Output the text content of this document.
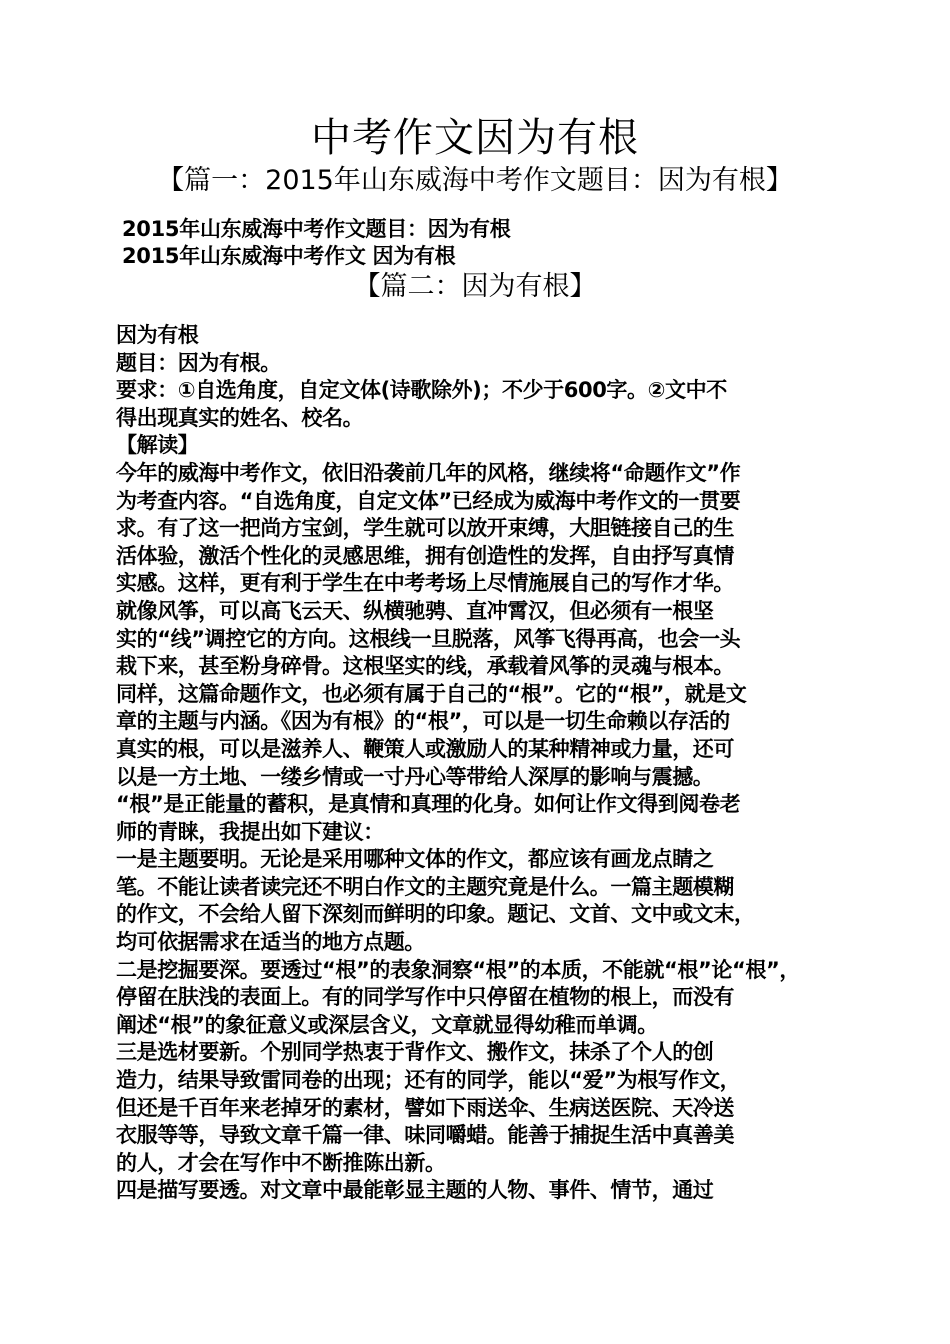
中考作文因为有根
【篇一：2015年山东威海中考作文题目：因为有根】
2015年山东威海中考作文题目：因为有根
2015年山东威海中考作文 因为有根
【篇二：因为有根】
因为有根
题目：因为有根。
要求：①自选角度，自定文体(诗歌除外)；不少于600字。②文中不
得出现真实的姓名、校名。
【解读】
今年的威海中考作文，依旧沿袭前几年的风格，继续将“命题作文”作
为考查内容。“自选角度，自定文体”已经成为威海中考作文的一贯要
求。有了这一把尚方宝剑，学生就可以放开束缚，大胆链接自己的生
活体验，激活个性化的灵感思维，拥有创造性的发挥，自由抒写真情
实感。这样，更有利于学生在中考考场上尽情施展自己的写作才华。
就像风筝，可以高飞云天、纵横驰骋、直冲霄汉，但必须有一根坚
实的“线”调控它的方向。这根线一旦脱落，风筝飞得再高，也会一头
栽下来，甚至粉身碎骨。这根坚实的线，承载着风筝的灵魂与根本。
同样，这篇命题作文，也必须有属于自己的“根”。它的“根”，就是文
章的主题与内涵。《因为有根》的“根”，可以是一切生命赖以存活的
真实的根，可以是滋养人、鞭策人或激励人的某种精神或力量，还可
以是一方土地、一缕乡情或一寸丹心等带给人深厚的影响与震撼。
“根”是正能量的蓄积，是真情和真理的化身。如何让作文得到阅卷老
师的青睐，我提出如下建议：
一是主题要明。无论是采用哪种文体的作文，都应该有画龙点睛之
笔。不能让读者读完还不明白作文的主题究竟是什么。一篇主题模糊
的作文，不会给人留下深刻而鲜明的印象。题记、文首、文中或文末，
均可依据需求在适当的地方点题。
二是挖掘要深。要透过“根”的表象洞察“根”的本质，不能就“根”论“根”，
停留在肤浅的表面上。有的同学写作中只停留在植物的根上，而没有
阐述“根”的象征意义或深层含义，文章就显得幼稚而单调。
三是选材要新。个别同学热衷于背作文、搬作文，抹杀了个人的创
造力，结果导致雷同卷的出现；还有的同学，能以“爱”为根写作文，
但还是千百年来老掉牙的素材，譬如下雨送伞、生病送医院、天冷送
衣服等等，导致文章千篇一律、味同嚼蜡。能善于捕捉生活中真善美
的人，才会在写作中不断推陈出新。
四是描写要透。对文章中最能彰显主题的人物、事件、情节，通过
